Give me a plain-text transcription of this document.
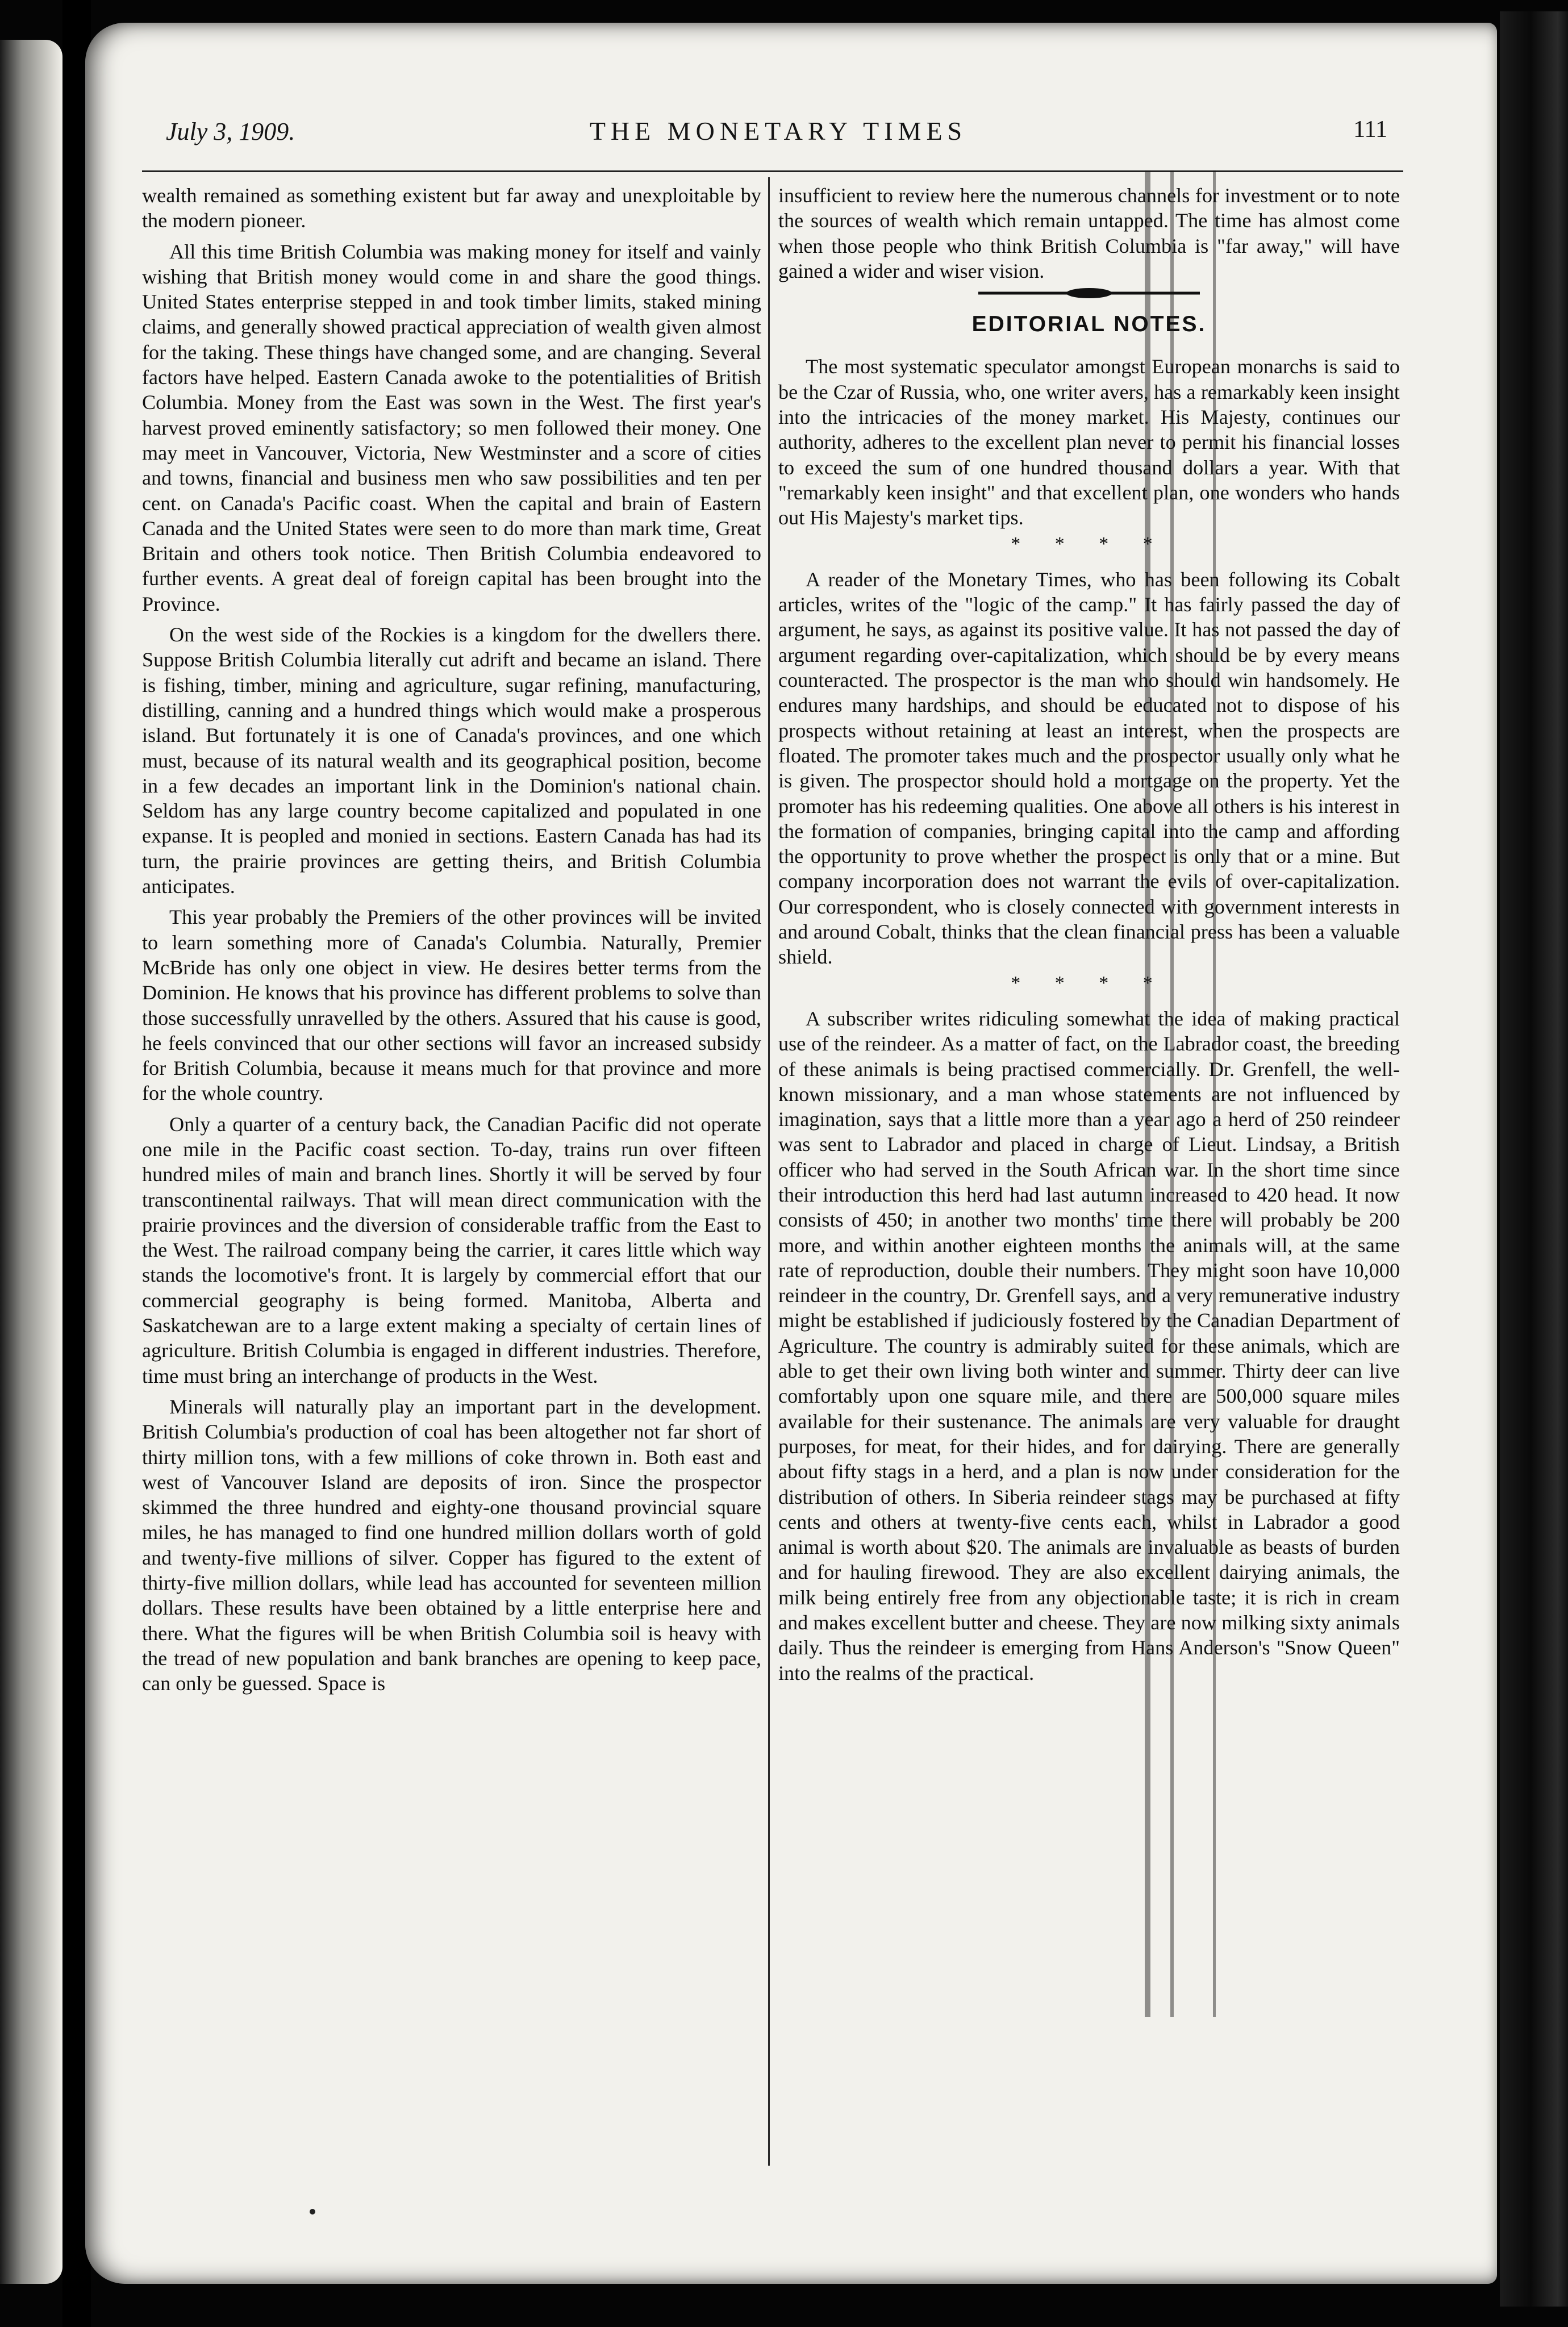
July 3, 1909.	THE MONETARY TIMES	111

wealth remained as something existent but far away and unexploitable by the modern pioneer.

All this time British Columbia was making money for itself and vainly wishing that British money would come in and share the good things. United States enterprise stepped in and took timber limits, staked mining claims, and generally showed practical appreciation of wealth given almost for the taking. These things have changed some, and are changing. Several factors have helped. Eastern Canada awoke to the potentialities of British Columbia. Money from the East was sown in the West. The first year's harvest proved eminently satisfactory; so men followed their money. One may meet in Vancouver, Victoria, New Westminster and a score of cities and towns, financial and business men who saw possibilities and ten per cent. on Canada's Pacific coast. When the capital and brain of Eastern Canada and the United States were seen to do more than mark time, Great Britain and others took notice. Then British Columbia endeavored to further events. A great deal of foreign capital has been brought into the Province.

On the west side of the Rockies is a kingdom for the dwellers there. Suppose British Columbia literally cut adrift and became an island. There is fishing, timber, mining and agriculture, sugar refining, manufacturing, distilling, canning and a hundred things which would make a prosperous island. But fortunately it is one of Canada's provinces, and one which must, because of its natural wealth and its geographical position, become in a few decades an important link in the Dominion's national chain. Seldom has any large country become capitalized and populated in one expanse. It is peopled and monied in sections. Eastern Canada has had its turn, the prairie provinces are getting theirs, and British Columbia anticipates.

This year probably the Premiers of the other provinces will be invited to learn something more of Canada's Columbia. Naturally, Premier McBride has only one object in view. He desires better terms from the Dominion. He knows that his province has different problems to solve than those successfully unravelled by the others. Assured that his cause is good, he feels convinced that our other sections will favor an increased subsidy for British Columbia, because it means much for that province and more for the whole country.

Only a quarter of a century back, the Canadian Pacific did not operate one mile in the Pacific coast section. To-day, trains run over fifteen hundred miles of main and branch lines. Shortly it will be served by four transcontinental railways. That will mean direct communication with the prairie provinces and the diversion of considerable traffic from the East to the West. The railroad company being the carrier, it cares little which way stands the locomotive's front. It is largely by commercial effort that our commercial geography is being formed. Manitoba, Alberta and Saskatchewan are to a large extent making a specialty of certain lines of agriculture. British Columbia is engaged in different industries. Therefore, time must bring an interchange of products in the West.

Minerals will naturally play an important part in the development. British Columbia's production of coal has been altogether not far short of thirty million tons, with a few millions of coke thrown in. Both east and west of Vancouver Island are deposits of iron. Since the prospector skimmed the three hundred and eighty-one thousand provincial square miles, he has managed to find one hundred million dollars worth of gold and twenty-five millions of silver. Copper has figured to the extent of thirty-five million dollars, while lead has accounted for seventeen million dollars. These results have been obtained by a little enterprise here and there. What the figures will be when British Columbia soil is heavy with the tread of new population and bank branches are opening to keep pace, can only be guessed. Space is

insufficient to review here the numerous channels for investment or to note the sources of wealth which remain untapped. The time has almost come when those people who think British Columbia is "far away," will have gained a wider and wiser vision.

EDITORIAL NOTES.

The most systematic speculator amongst European monarchs is said to be the Czar of Russia, who, one writer avers, has a remarkably keen insight into the intricacies of the money market. His Majesty, continues our authority, adheres to the excellent plan never to permit his financial losses to exceed the sum of one hundred thousand dollars a year. With that "remarkably keen insight" and that excellent plan, one wonders who hands out His Majesty's market tips.

* * * *

A reader of the Monetary Times, who has been following its Cobalt articles, writes of the "logic of the camp." It has fairly passed the day of argument, he says, as against its positive value. It has not passed the day of argument regarding over-capitalization, which should be by every means counteracted. The prospector is the man who should win handsomely. He endures many hardships, and should be educated not to dispose of his prospects without retaining at least an interest, when the prospects are floated. The promoter takes much and the prospector usually only what he is given. The prospector should hold a mortgage on the property. Yet the promoter has his redeeming qualities. One above all others is his interest in the formation of companies, bringing capital into the camp and affording the opportunity to prove whether the prospect is only that or a mine. But company incorporation does not warrant the evils of over-capitalization. Our correspondent, who is closely connected with government interests in and around Cobalt, thinks that the clean financial press has been a valuable shield.

* * * *

A subscriber writes ridiculing somewhat the idea of making practical use of the reindeer. As a matter of fact, on the Labrador coast, the breeding of these animals is being practised commercially. Dr. Grenfell, the well-known missionary, and a man whose statements are not influenced by imagination, says that a little more than a year ago a herd of 250 reindeer was sent to Labrador and placed in charge of Lieut. Lindsay, a British officer who had served in the South African war. In the short time since their introduction this herd had last autumn increased to 420 head. It now consists of 450; in another two months' time there will probably be 200 more, and within another eighteen months the animals will, at the same rate of reproduction, double their numbers. They might soon have 10,000 reindeer in the country, Dr. Grenfell says, and a very remunerative industry might be established if judiciously fostered by the Canadian Department of Agriculture. The country is admirably suited for these animals, which are able to get their own living both winter and summer. Thirty deer can live comfortably upon one square mile, and there are 500,000 square miles available for their sustenance. The animals are very valuable for draught purposes, for meat, for their hides, and for dairying. There are generally about fifty stags in a herd, and a plan is now under consideration for the distribution of others. In Siberia reindeer stags may be purchased at fifty cents and others at twenty-five cents each, whilst in Labrador a good animal is worth about $20. The animals are invaluable as beasts of burden and for hauling firewood. They are also excellent dairying animals, the milk being entirely free from any objectionable taste; it is rich in cream and makes excellent butter and cheese. They are now milking sixty animals daily. Thus the reindeer is emerging from Hans Anderson's "Snow Queen" into the realms of the practical.
